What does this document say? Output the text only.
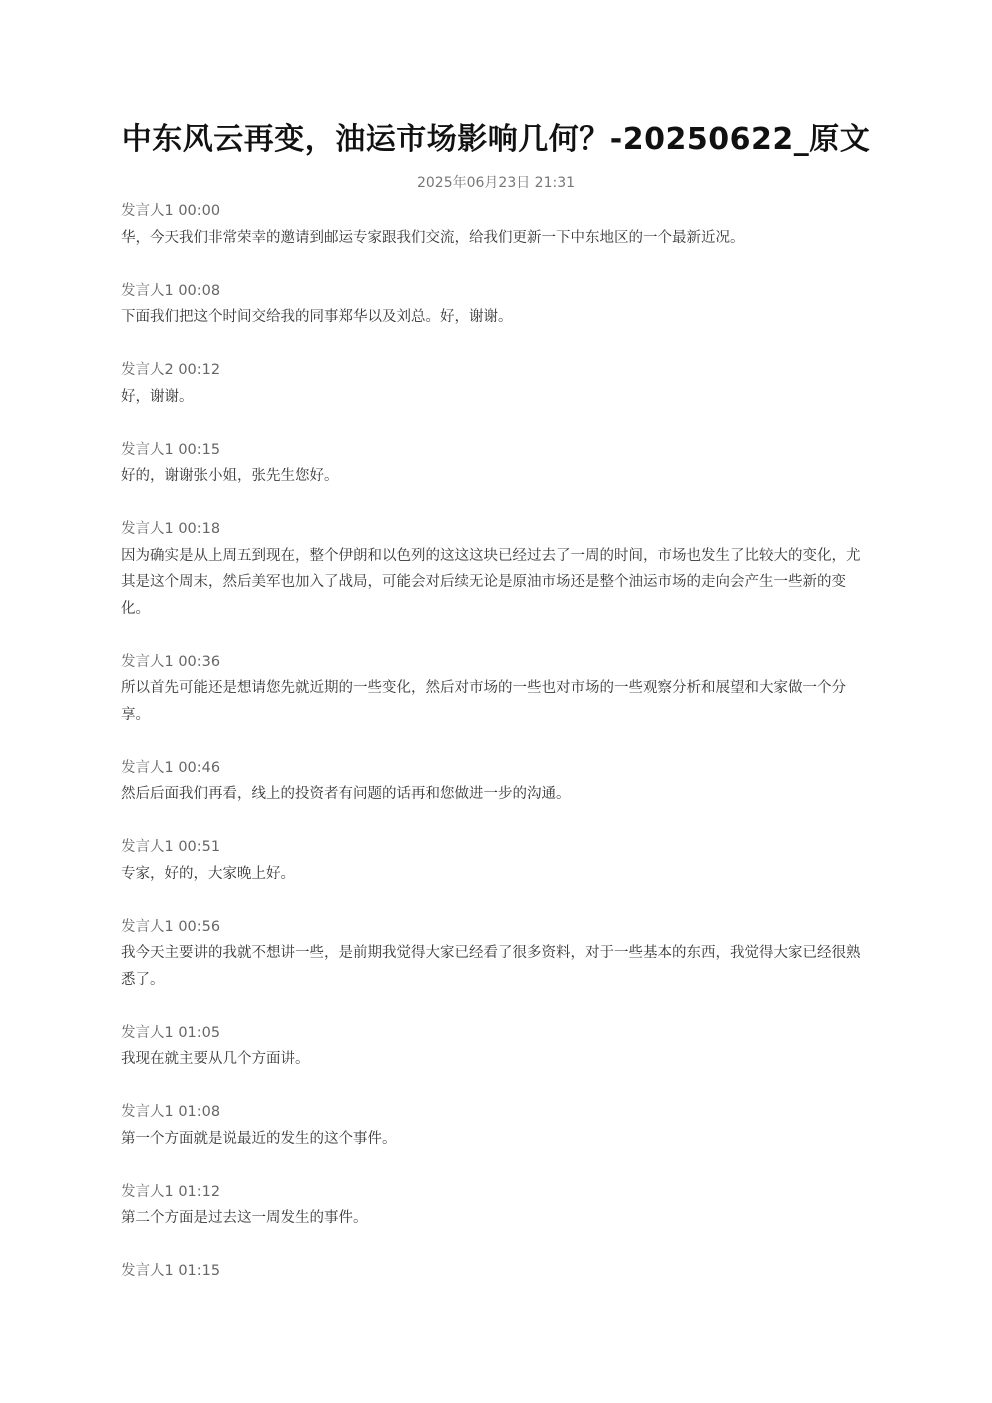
中东风云再变，油运市场影响几何？-20250622_原文
2025年06月23日 21:31
发言人1 00:00

华，今天我们非常荣幸的邀请到邮运专家跟我们交流，给我们更新一下中东地区的一个最新近况。

发言人1 00:08

下面我们把这个时间交给我的同事郑华以及刘总。好，谢谢。

发言人2 00:12

好，谢谢。

发言人1 00:15

好的，谢谢张小姐，张先生您好。

发言人1 00:18

因为确实是从上周五到现在，整个伊朗和以色列的这这这块已经过去了一周的时间，市场也发生了比较大的变化，尤其是这个周末，然后美军也加入了战局，可能会对后续无论是原油市场还是整个油运市场的走向会产生一些新的变化。

发言人1 00:36

所以首先可能还是想请您先就近期的一些变化，然后对市场的一些也对市场的一些观察分析和展望和大家做一个分享。

发言人1 00:46

然后后面我们再看，线上的投资者有问题的话再和您做进一步的沟通。

发言人1 00:51

专家，好的，大家晚上好。

发言人1 00:56

我今天主要讲的我就不想讲一些，是前期我觉得大家已经看了很多资料，对于一些基本的东西，我觉得大家已经很熟悉了。

发言人1 01:05

我现在就主要从几个方面讲。

发言人1 01:08

第一个方面就是说最近的发生的这个事件。

发言人1 01:12

第二个方面是过去这一周发生的事件。

发言人1 01:15
